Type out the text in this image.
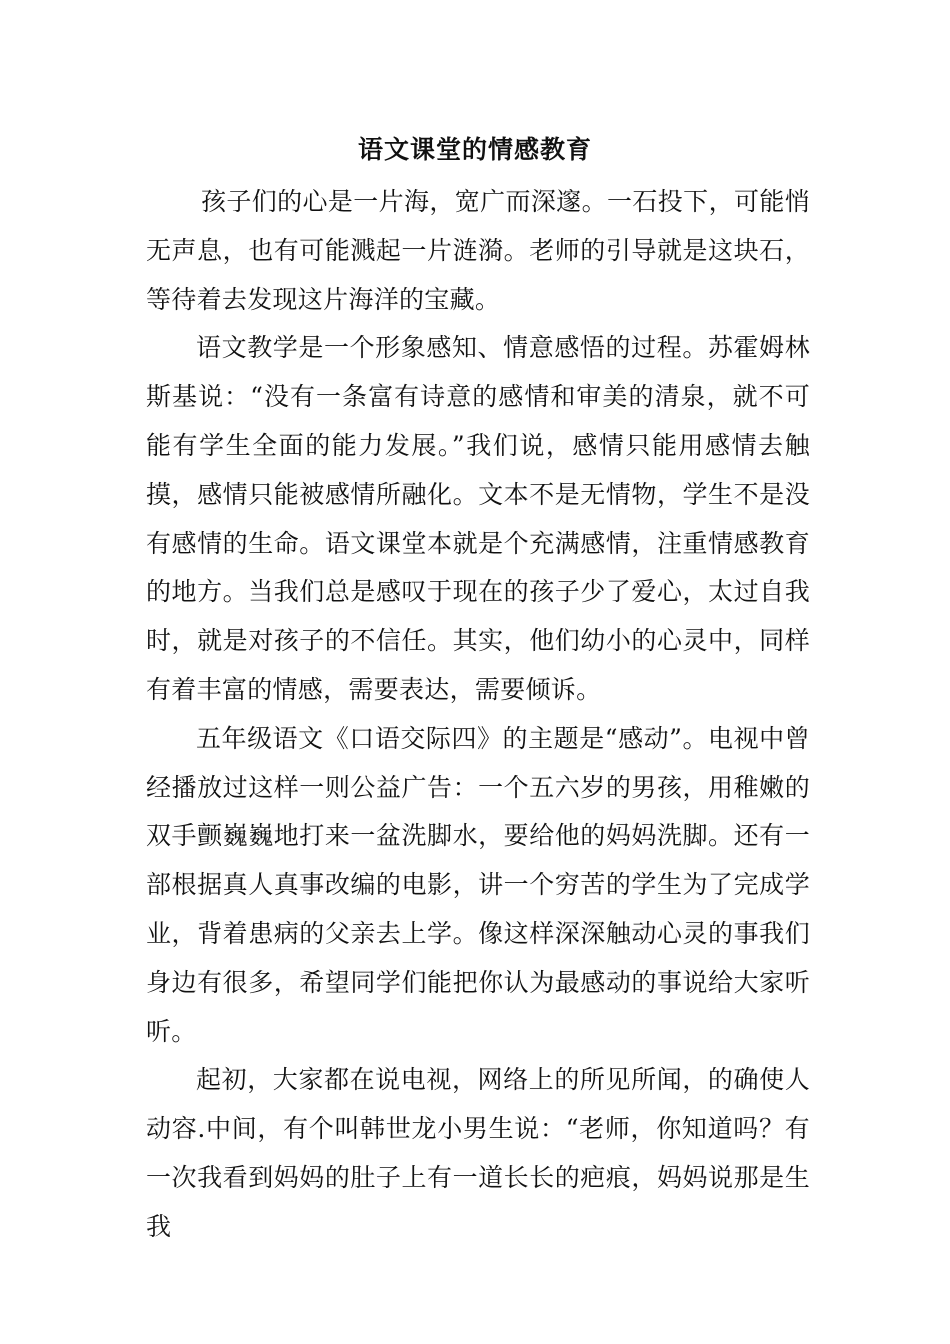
语文课堂的情感教育

孩子们的心是一片海，宽广而深邃。一石投下，可能悄无声息，也有可能溅起一片涟漪。老师的引导就是这块石，等待着去发现这片海洋的宝藏。

语文教学是一个形象感知、情意感悟的过程。苏霍姆林斯基说：“没有一条富有诗意的感情和审美的清泉，就不可能有学生全面的能力发展。”我们说，感情只能用感情去触摸，感情只能被感情所融化。文本不是无情物，学生不是没有感情的生命。语文课堂本就是个充满感情，注重情感教育的地方。当我们总是感叹于现在的孩子少了爱心，太过自我时，就是对孩子的不信任。其实，他们幼小的心灵中，同样有着丰富的情感，需要表达，需要倾诉。

五年级语文《口语交际四》的主题是“感动”。电视中曾经播放过这样一则公益广告：一个五六岁的男孩，用稚嫩的双手颤巍巍地打来一盆洗脚水，要给他的妈妈洗脚。还有一部根据真人真事改编的电影，讲一个穷苦的学生为了完成学业，背着患病的父亲去上学。像这样深深触动心灵的事我们身边有很多，希望同学们能把你认为最感动的事说给大家听听。

起初，大家都在说电视，网络上的所见所闻，的确使人动容.中间，有个叫韩世龙小男生说：“老师，你知道吗？有一次我看到妈妈的肚子上有一道长长的疤痕，妈妈说那是生我
